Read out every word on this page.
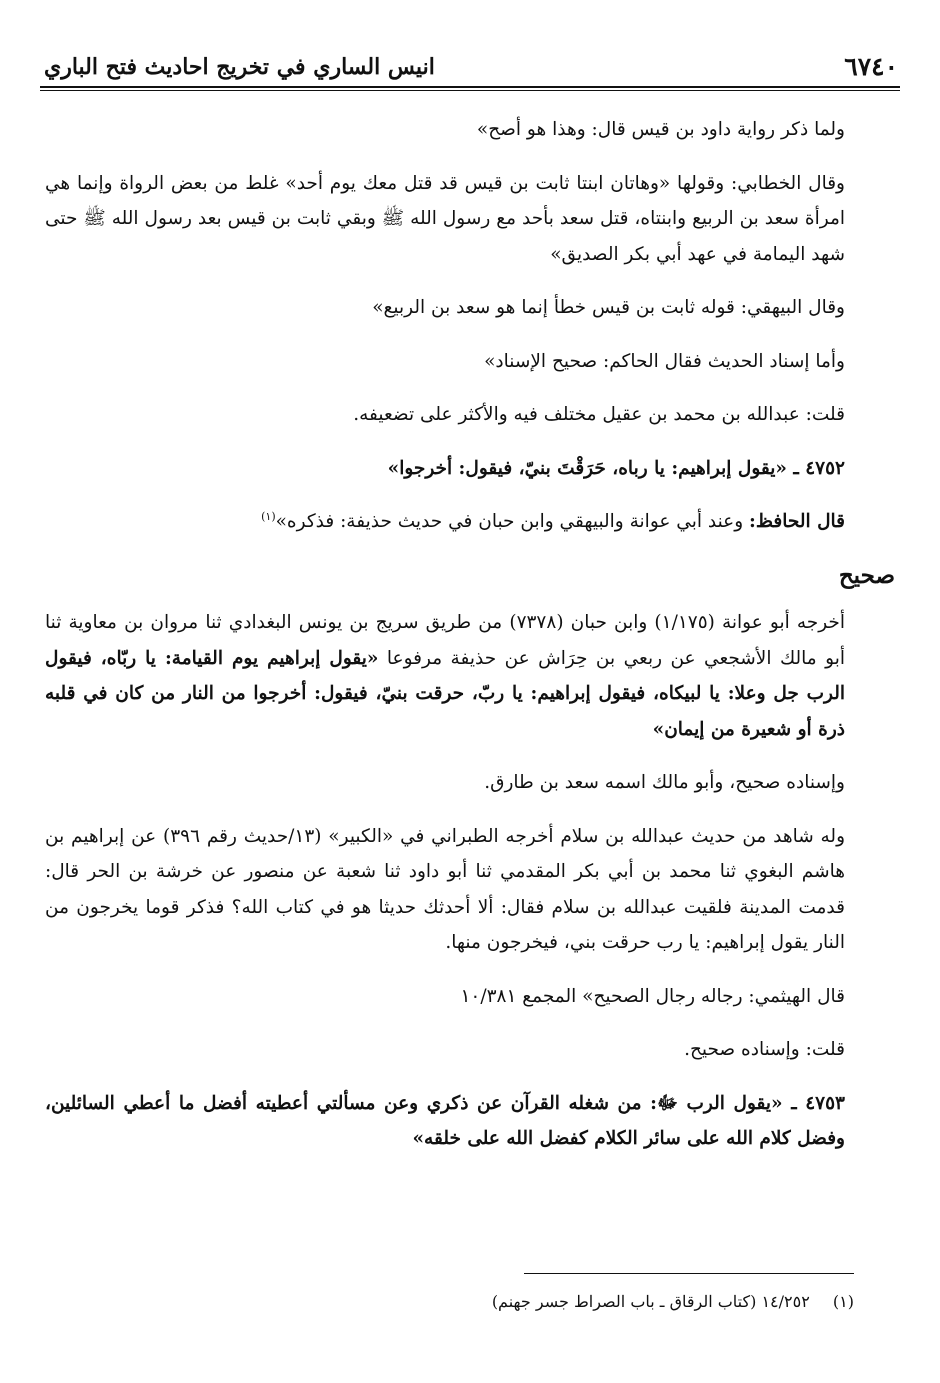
٦٧٤٠
انيس الساري في تخريج احاديث فتح الباري

ولما ذكر رواية داود بن قيس قال: وهذا هو أصح»

وقال الخطابي: وقولها «وهاتان ابنتا ثابت بن قيس قد قتل معك يوم أحد» غلط من بعض الرواة وإنما هي امرأة سعد بن الربيع وابنتاه، قتل سعد بأحد مع رسول الله ﷺ وبقي ثابت بن قيس بعد رسول الله ﷺ حتى شهد اليمامة في عهد أبي بكر الصديق»

وقال البيهقي: قوله ثابت بن قيس خطأ إنما هو سعد بن الربيع»

وأما إسناد الحديث فقال الحاكم: صحيح الإسناد»

قلت: عبدالله بن محمد بن عقيل مختلف فيه والأكثر على تضعيفه.

٤٧٥٢ ـ «يقول إبراهيم: يا رباه، حَرَقْتَ بنيّ، فيقول: أخرجوا»

قال الحافظ: وعند أبي عوانة والبيهقي وابن حبان في حديث حذيفة: فذكره»$^{(١)}$

صحيح

أخرجه أبو عوانة (١/١٧٥) وابن حبان (٧٣٧٨) من طريق سريج بن يونس البغدادي ثنا مروان بن معاوية ثنا أبو مالك الأشجعي عن ربعي بن حِرَاش عن حذيفة مرفوعا «يقول إبراهيم يوم القيامة: يا ربّاه، فيقول الرب جل وعلا: يا لبيكاه، فيقول إبراهيم: يا ربّ، حرقت بنيّ، فيقول: أخرجوا من النار من كان في قلبه ذرة أو شعيرة من إيمان»

وإسناده صحيح، وأبو مالك اسمه سعد بن طارق.

وله شاهد من حديث عبدالله بن سلام أخرجه الطبراني في «الكبير» (١٣/حديث رقم ٣٩٦) عن إبراهيم بن هاشم البغوي ثنا محمد بن أبي بكر المقدمي ثنا أبو داود ثنا شعبة عن منصور عن خرشة بن الحر قال: قدمت المدينة فلقيت عبدالله بن سلام فقال: ألا أحدثك حديثا هو في كتاب الله؟ فذكر قوما يخرجون من النار يقول إبراهيم: يا رب حرقت بني، فيخرجون منها.

قال الهيثمي: رجاله رجال الصحيح» المجمع ١٠/٣٨١

قلت: وإسناده صحيح.

٤٧٥٣ ـ «يقول الرب ﷻ: من شغله القرآن عن ذكري وعن مسألتي أعطيته أفضل ما أعطي السائلين، وفضل كلام الله على سائر الكلام كفضل الله على خلقه»

(١) ١٤/٢٥٢ (كتاب الرقاق ـ باب الصراط جسر جهنم)
